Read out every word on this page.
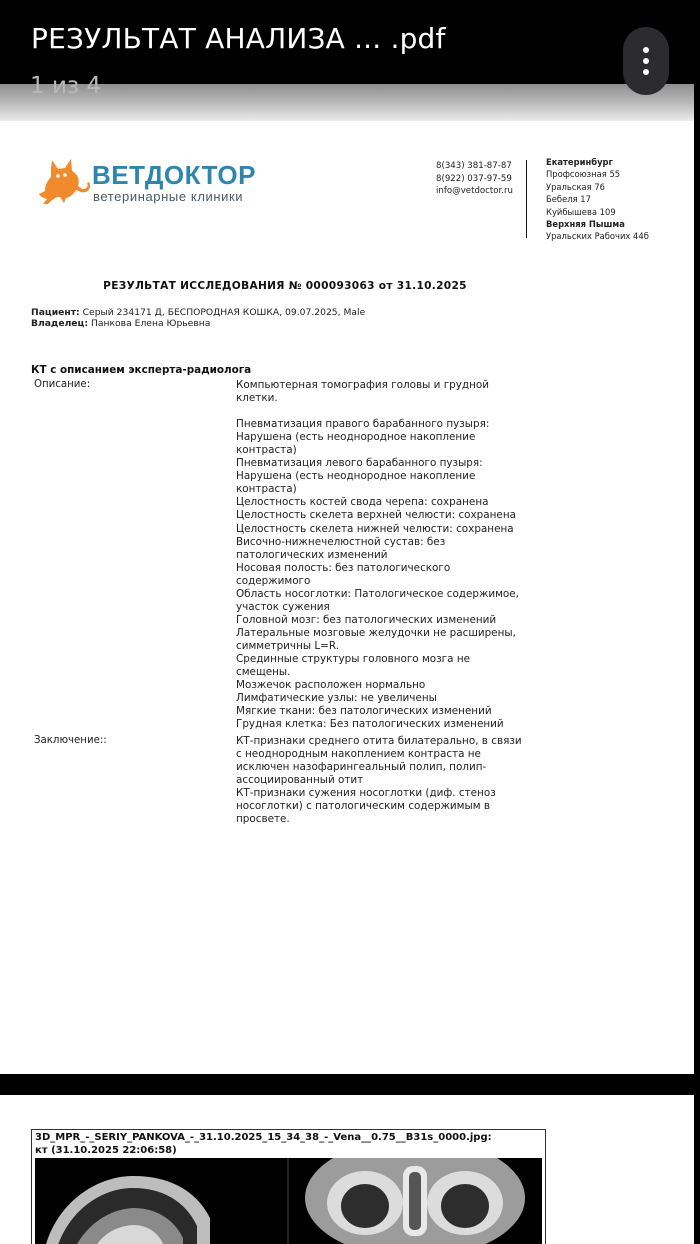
РЕЗУЛЬТАТ АНАЛИЗА ... .pdf
ВЕТДОКТОР
ветеринарные клиники
8(343) 381-87-87
8(922) 037-97-59
info@vetdoctor.ru
Екатеринбург
Профсоюзная 55
Уральская 76
Бебеля 17
Куйбышева 109
Верхняя Пышма
Уральских Рабочих 44б
РЕЗУЛЬТАТ ИССЛЕДОВАНИЯ № 000093063 от 31.10.2025
Пациент: Серый 234171 Д, БЕСПОРОДНАЯ КОШКА, 09.07.2025, Male
Владелец: Панкова Елена Юрьевна
КТ с описанием эксперта-радиолога
Описание:	Компьютерная томография головы и грудной
клетки.
Пневматизация правого барабанного пузыря:
Нарушена (есть неоднородное накопление
контраста)
Пневматизация левого барабанного пузыря:
Нарушена (есть неоднородное накопление
контраста)
Целостность костей свода черепа: сохранена
Целостность скелета верхней челюсти: сохранена
Целостность скелета нижней челюсти: сохранена
Височно-нижнечелюстной сустав: без
патологических изменений
Носовая полость: без патологического
содержимого
Область носоглотки: Патологическое содержимое,
участок сужения
Головной мозг: без патологических изменений
Латеральные мозговые желудочки не расширены,
симметричны L=R.
Срединные структуры головного мозга не
смещены.
Мозжечок расположен нормально
Лимфатические узлы: не увеличены
Мягкие ткани: без патологических изменений
Грудная клетка: Без патологических изменений
Заключение::	КТ-признаки среднего отита билатерально, в связи
с неоднородным накоплением контраста не
исключен назофарингеальный полип, полип-
ассоциированный отит
КТ-признаки сужения носоглотки (диф. стеноз
носоглотки) с патологическим содержимым в
просвете.
1 из 4
3D_MPR_-_SERIY_PANKOVA_-_31.10.2025_15_34_38_-_Vena__0.75__B31s_0000.jpg:
кт (31.10.2025 22:06:58)
